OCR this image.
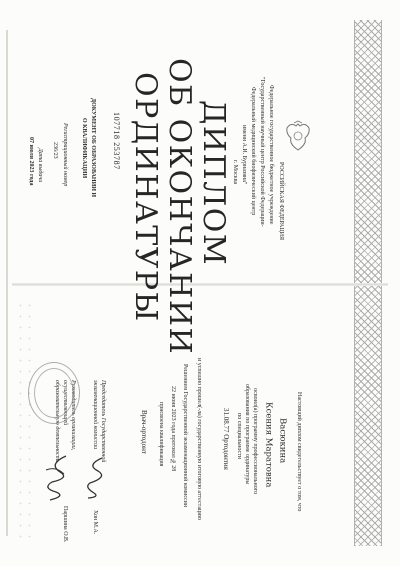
РОССИЙСКАЯ ФЕДЕРАЦИЯ
Федеральное государственное бюджетное учреждение
"Государственный научный центр Российской Федерации-
Федеральный медицинский биофизический центр
имени А.И. Бурназяна"
г. Москва
ДИПЛОМ
ОБ ОКОНЧАНИИ
ОРДИНАТУРЫ
107718 253787
ДОКУМЕНТ ОБ ОБРАЗОВАНИИ И
О КВАЛИФИКАЦИИ
Регистрационный номер
236/23
Дата выдачи
07 июля 2023 года
Настоящий диплом свидетельствует о том, что
Васюкина
Ксения Маратовна
освоил(а) программу профессионального
образования по программе ординатуры
по специальности
31.08.77 Ортодонтия
и успешно прошел(-ла) государственную итоговую аттестацию
Решением Государственной экзаменационной комиссии
22 июня 2023 года протокол №28
присвоена квалификация
Врач-ортодонт
Председатель Государственной
экзаменационной комиссии
Хон М.А.
Руководитель организации,
осуществляющей
образовательную деятельность
Паршина О.В.
